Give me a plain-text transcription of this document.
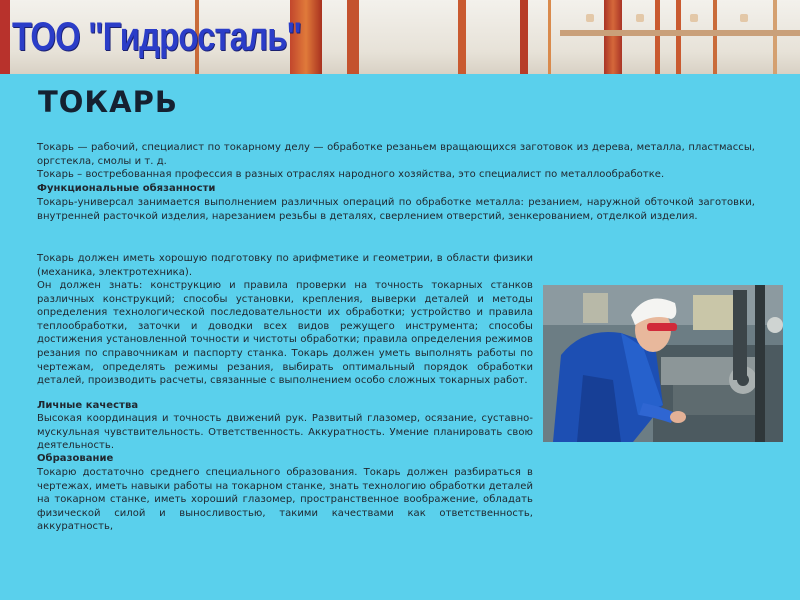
ТОО "Гидросталь"
ТОКАРЬ

Токарь — рабочий, специалист по токарному делу — обработке резаньем вращающихся заготовок из дерева, металла, пластмассы, оргстекла, смолы и т. д.

Токарь – востребованная профессия в разных отраслях народного хозяйства, это специалист по металлообработке.

Функциональные обязанности

Токарь-универсал занимается выполнением различных операций по обработке металла: резанием, наружной обточкой заготовки, внутренней расточкой изделия, нарезанием резьбы в деталях, сверлением отверстий, зенкерованием, отделкой изделия.

Токарь должен иметь хорошую подготовку по арифметике и геометрии, в области физики (механика, электротехника).

Он должен знать: конструкцию и правила проверки на точность токарных станков различных конструкций; способы установки, крепления, выверки деталей и методы определения технологической последовательности их обработки; устройство и правила теплообработки, заточки и доводки всех видов режущего инструмента; способы достижения установленной точности и чистоты обработки; правила определения режимов резания по справочникам и паспорту станка. Токарь должен уметь выполнять работы по чертежам, определять режимы резания, выбирать оптимальный порядок обработки деталей, производить расчеты, связанные с выполнением особо сложных токарных работ.

Личные качества

Высокая координация и точность движений рук. Развитый глазомер, осязание, суставно-мускульная чувствительность. Ответственность. Аккуратность. Умение планировать свою деятельность.

Образование

Токарю достаточно среднего специального образования. Токарь должен разбираться в чертежах, иметь навыки работы на токарном станке, знать технологию обработки деталей на токарном станке, иметь хороший глазомер, пространственное воображение, обладать физической силой и выносливостью, такими качествами как ответственность, аккуратность,
